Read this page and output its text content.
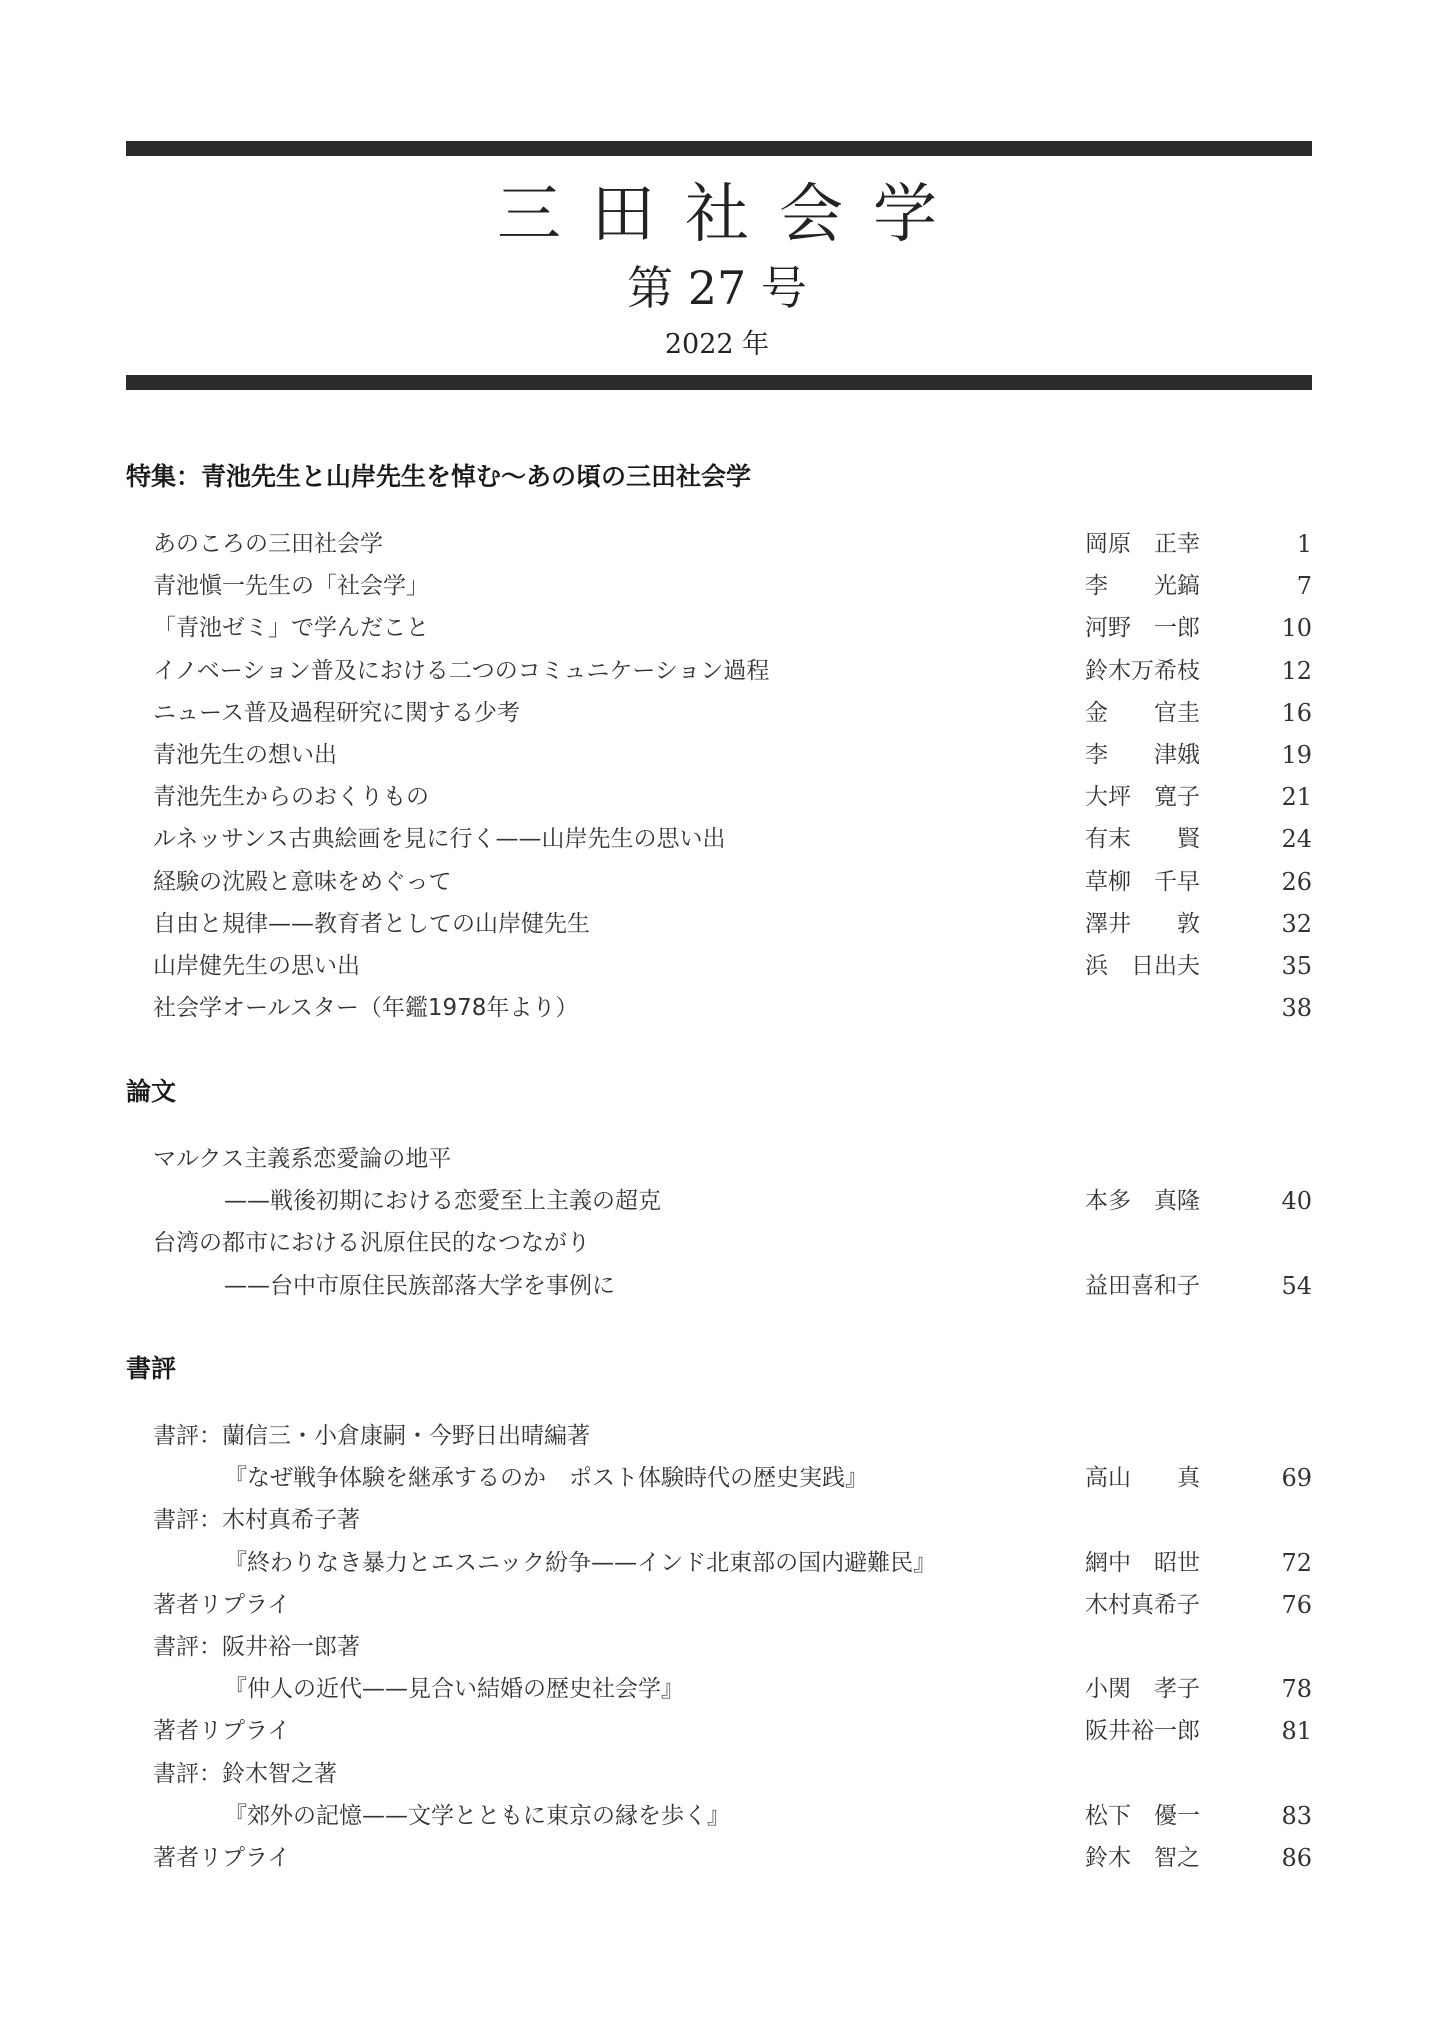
三田社会学
第 27 号
2022 年
特集：青池先生と山岸先生を悼む〜あの頃の三田社会学
あのころの三田社会学	岡原　正幸	1
青池愼一先生の「社会学」	李　　光鎬	7
「青池ゼミ」で学んだこと	河野　一郎	10
イノベーション普及における二つのコミュニケーション過程	鈴木万希枝	12
ニュース普及過程研究に関する少考	金　　官圭	16
青池先生の想い出	李　　津娥	19
青池先生からのおくりもの	大坪　寛子	21
ルネッサンス古典絵画を見に行く——山岸先生の思い出	有末　　賢	24
経験の沈殿と意味をめぐって	草柳　千早	26
自由と規律——教育者としての山岸健先生	澤井　　敦	32
山岸健先生の思い出	浜　日出夫	35
社会学オールスター（年鑑1978年より）	38
論文
マルクス主義系恋愛論の地平
——戦後初期における恋愛至上主義の超克	本多　真隆	40
台湾の都市における汎原住民的なつながり
——台中市原住民族部落大学を事例に	益田喜和子	54
書評
書評：蘭信三・小倉康嗣・今野日出晴編著
『なぜ戦争体験を継承するのか　ポスト体験時代の歴史実践』	高山　　真	69
書評：木村真希子著
『終わりなき暴力とエスニック紛争——インド北東部の国内避難民』	網中　昭世	72
著者リプライ	木村真希子	76
書評：阪井裕一郎著
『仲人の近代——見合い結婚の歴史社会学』	小関　孝子	78
著者リプライ	阪井裕一郎	81
書評：鈴木智之著
『郊外の記憶——文学とともに東京の縁を歩く』	松下　優一	83
著者リプライ	鈴木　智之	86
